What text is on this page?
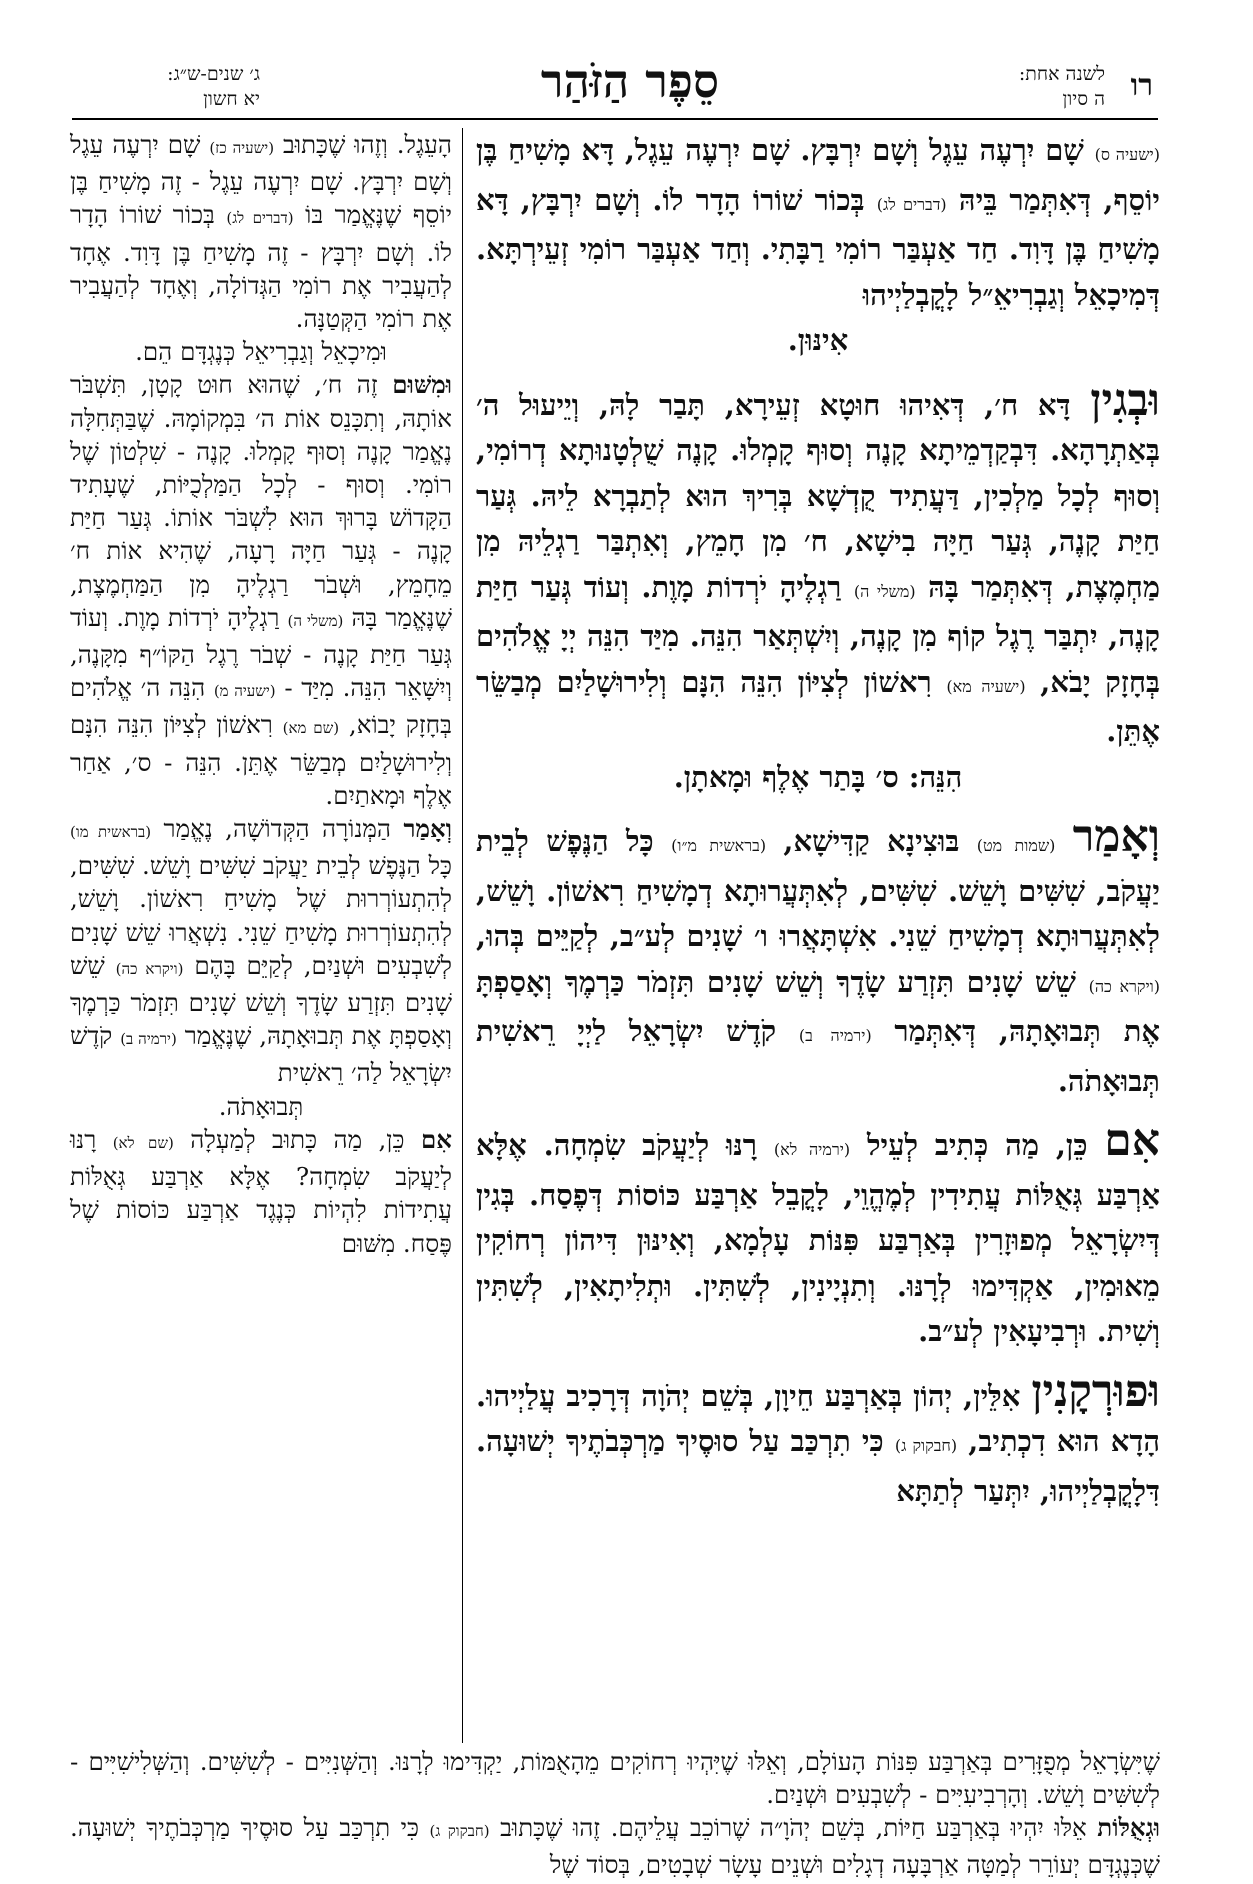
רו
לשנה אחת:
ה סיון
סֵפֶר הַזֹּהַר
ג׳ שנים-ש״ג:
יא חשון

(ישעיה ס) שָׁם יִרְעֶה עֵגֶל וְשָׁם יִרְבָּץ. שָׁם יִרְעֶה עֵגֶל, דָּא מָשִׁיחַ בֶּן יוֹסֵף, דְּאִתְּמַר בֵּיהּ (דברים לג) בְּכוֹר שׁוֹרוֹ הָדָר לוֹ. וְשָׁם יִרְבָּץ, דָּא מָשִׁיחַ בֶּן דָּוִד. חַד אַעְבַּר רוֹמִי רַבָּתִי. וְחַד אַעְבַּר רוֹמִי זְעֵירְתָּא. דְּמִיכָאֵל וְגַבְרִיאֵ״ל לָקֳבְלַיְיהוּ

אִינּוּן.

וּבְגִין דָּא ח׳, דְּאִיהוּ חוּטָא זְעֵירָא, תָּבַר לָהּ, וְיֵיעוּל ה׳ בְּאַתְרָהָא. דִּבְקַדְמֵיתָא קָנֶה וְסוּף קָמְלוּ. קָנֶה שֻׁלְטָנוּתָא דְרוֹמִי, וְסוּף לְכָל מַלְכִין, דַּעֲתִיד קֻדְשָׁא בְּרִיךְ הוּא לְתַבְרָא לֵיהּ. גְּעַר חַיַּת קָנֶה, גְּעַר חַיָּה בִישָׁא, ח׳ מִן חָמֵץ, וְאִתְבַּר רַגְלֵיהּ מִן מַחְמֶצֶת, דְּאִתְּמַר בָּהּ (משלי ה) רַגְלֶיהָ יֹרְדוֹת מָוֶת. וְעוֹד גְּעַר חַיַּת קָנֶה, יִתְבַּר רֶגֶל קוֹף מִן קָנֶה, וְיִשְׁתְּאַר הִנֵּה. מִיַּד הִנֵּה יְיָ אֱלֹהִים בְּחָזָק יָבֹא, (ישעיה מא) רִאשׁוֹן לְצִיּוֹן הִנֵּה הִנָּם וְלִירוּשָׁלַיִם מְבַשֵּׂר אֶתֵּן.

הִנֵּה: ס׳ בָּתַר אֶלֶף וּמָאתָן.

וְאָמַר (שמות מט) בּוּצִינָא קַדִּישָׁא, (בראשית מ״ו) כָּל הַנֶּפֶשׁ לְבֵית יַעֲקֹב, שִׁשִּׁים וָשֵׁשׁ. שִׁשִּׁים, לְאִתְּעֲרוּתָא דְמָשִׁיחַ רִאשׁוֹן. וָשֵׁשׁ, לְאִתְּעֲרוּתָא דְמָשִׁיחַ שֵׁנִי. אִשְׁתָּאֲרוּ ו׳ שָׁנִים לְע״ב, לְקַיֵּים בְּהוּ, (ויקרא כה) שֵׁשׁ שָׁנִים תִּזְרַע שָׂדֶךָ וְשֵׁשׁ שָׁנִים תִּזְמֹר כַּרְמֶךָ וְאָסַפְתָּ אֶת תְּבוּאָתָהּ, דְּאִתְּמַר (ירמיה ב) קֹדֶשׁ יִשְׂרָאֵל לַיְיָ רֵאשִׁית תְּבוּאָתֹה.

אִם כֵּן, מַה כְּתִיב לְעֵיל (ירמיה לא) רָנּוּ לְיַעֲקֹב שִׂמְחָה. אֶלָּא אַרְבַּע גְּאֻלּוֹת עֲתִידִין לְמֶהֱוֵי, לָקֳבֵל אַרְבַּע כּוֹסוֹת דְּפֶסַח. בְּגִין דְּיִשְׂרָאֵל מְפוּזָרִין בְּאַרְבַּע פִּנּוֹת עָלְמָא, וְאִינּוּן דִּיהוֹן רְחוֹקִין מֵאוּמִין, אַקְדִּימוּ לְרָנּוּ. וְתִנְיָינִין, לְשִׁתִּין. וּתְלִיתָאִין, לְשִׁתִּין וְשִׁית. וּרְבִיעָאִין לְע״ב.

וּפוּרְקָנִין אִלֵּין, יְהוֹן בְּאַרְבַּע חֵיוָן, בְּשֵׁם יְהֹוָה דְּרָכִיב עֲלַיְיהוּ. הָדָא הוּא דִכְתִיב, (חבקוק ג) כִּי תִרְכַּב עַל סוּסֶיךָ מַרְכְּבֹתֶיךָ יְשׁוּעָה. דִּלָקֳבְלַיְיהוּ, יִתְּעַר לְתַתָּא

הָעֵגֶל. וְזֶהוּ שֶׁכָּתוּב (ישעיה כז) שָׁם יִרְעֶה עֵגֶל וְשָׁם יִרְבָּץ. שָׁם יִרְעֶה עֵגֶל - זֶה מָשִׁיחַ בֶּן יוֹסֵף שֶׁנֶּאֱמַר בּוֹ (דברים לג) בְּכוֹר שׁוֹרוֹ הָדָר לוֹ. וְשָׁם יִרְבָּץ - זֶה מָשִׁיחַ בֶּן דָּוִד. אֶחָד לְהַעֲבִיר אֶת רוֹמִי הַגְּדוֹלָה, וְאֶחָד לְהַעֲבִיר אֶת רוֹמִי הַקְּטַנָּה.

וּמִיכָאֵל וְגַבְרִיאֵל כְּנֶגְדָּם הֵם.

וּמִשּׁוּם זֶה ח׳, שֶׁהוּא חוּט קָטָן, תִּשְׁבֹּר אוֹתָהּ, וְתִכָּנֵס אוֹת ה׳ בִּמְקוֹמָהּ. שֶׁבַּתְּחִלָּה נֶאֱמַר קָנֶה וְסוּף קָמְלוּ. קָנֶה - שִׁלְטוֹן שֶׁל רוֹמִי. וְסוּף - לְכָל הַמַּלְכֻיּוֹת, שֶׁעָתִיד הַקָּדוֹשׁ בָּרוּךְ הוּא לִשְׁבֹּר אוֹתוֹ. גְּעַר חַיַּת קָנֶה - גְּעַר חַיָּה רָעָה, שֶׁהִיא אוֹת ח׳ מֵחָמֵץ, וּשְׁבֹר רַגְלֶיהָ מִן הַמַּחְמֶצֶת, שֶׁנֶּאֱמַר בָּהּ (משלי ה) רַגְלֶיהָ יֹרְדוֹת מָוֶת. וְעוֹד גְּעַר חַיַּת קָנֶה - שְׁבֹר רֶגֶל הַקּוֹ״ף מִקָּנֶה, וְיִשָּׁאֵר הִנֵּה. מִיַּד - (ישעיה מ) הִנֵּה ה׳ אֱלֹהִים בְּחָזָק יָבוֹא, (שם מא) רִאשׁוֹן לְצִיּוֹן הִנֵּה הִנָּם וְלִירוּשָׁלַיִם מְבַשֵּׂר אֶתֵּן. הִנֵּה - ס׳, אַחַר אֶלֶף וּמָאתַיִם.

וְאָמַר הַמְּנוֹרָה הַקְּדוֹשָׁה, נֶאֱמַר (בראשית מו) כָּל הַנֶּפֶשׁ לְבֵית יַעֲקֹב שִׁשִּׁים וָשֵׁשׁ. שִׁשִּׁים, לְהִתְעוֹרְרוּת שֶׁל מָשִׁיחַ רִאשׁוֹן. וָשֵׁשׁ, לְהִתְעוֹרְרוּת מָשִׁיחַ שֵׁנִי. נִשְׁאֲרוּ שֵׁשׁ שָׁנִים לְשִׁבְעִים וּשְׁנַיִם, לְקַיֵּם בָּהֶם (ויקרא כה) שֵׁשׁ שָׁנִים תִּזְרַע שָׂדֶךָ וְשֵׁשׁ שָׁנִים תִּזְמֹר כַּרְמֶךָ וְאָסַפְתָּ אֶת תְּבוּאָתָהּ, שֶׁנֶּאֱמַר (ירמיה ב) קֹדֶשׁ יִשְׂרָאֵל לַה׳ רֵאשִׁית

תְּבוּאָתֹה.

אִם כֵּן, מַה כָּתוּב לְמַעְלָה (שם לא) רָנּוּ לְיַעֲקֹב שִׂמְחָה? אֶלָּא אַרְבַּע גְּאֻלּוֹת עֲתִידוֹת לִהְיוֹת כְּנֶגֶד אַרְבַּע כּוֹסוֹת שֶׁל פֶּסַח. מִשּׁוּם

שֶׁיִּשְׂרָאֵל מְפֻזָּרִים בְּאַרְבַּע פִּנּוֹת הָעוֹלָם, וְאֵלּוּ שֶׁיִּהְיוּ רְחוֹקִים מֵהָאֻמּוֹת, יַקְדִּימוּ לְרָנּוּ. וְהַשְּׁנִיִּים - לְשִׁשִּׁים. וְהַשְּׁלִישִׁיִּים - לְשִׁשִּׁים וָשֵׁשׁ. וְהָרְבִיעִיִּים - לְשִׁבְעִים וּשְׁנַיִם.

וּגְאֻלּוֹת אֵלּוּ יִהְיוּ בְּאַרְבַּע חַיּוֹת, בְּשֵׁם יְהֹוָ״ה שֶׁרוֹכֵב עֲלֵיהֶם. זֶהוּ שֶׁכָּתוּב (חבקוק ג) כִּי תִרְכַּב עַל סוּסֶיךָ מַרְכְּבֹתֶיךָ יְשׁוּעָה. שֶׁכְּנֶגְדָּם יְעוֹרֵר לְמַטָּה אַרְבָּעָה דְגָלִים וּשְׁנֵים עָשָׂר שְׁבָטִים, בְּסוֹד שֶׁל
